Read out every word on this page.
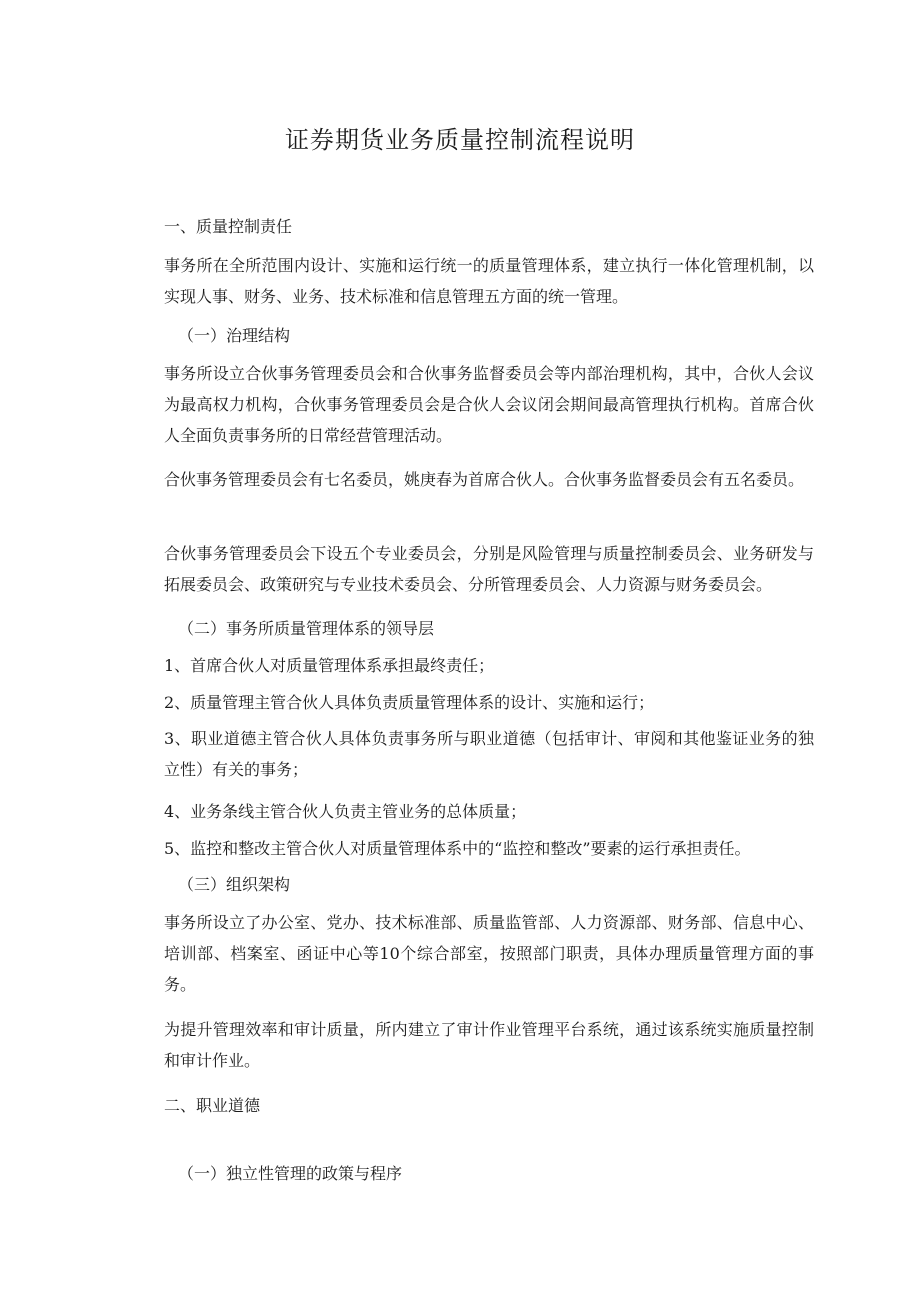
证券期货业务质量控制流程说明
一、质量控制责任
事务所在全所范围内设计、实施和运行统一的质量管理体系，建立执行一体化管理机制，以实现人事、财务、业务、技术标准和信息管理五方面的统一管理。
（一）治理结构
事务所设立合伙事务管理委员会和合伙事务监督委员会等内部治理机构，其中，合伙人会议为最高权力机构，合伙事务管理委员会是合伙人会议闭会期间最高管理执行机构。首席合伙人全面负责事务所的日常经营管理活动。
合伙事务管理委员会有七名委员，姚庚春为首席合伙人。合伙事务监督委员会有五名委员。
合伙事务管理委员会下设五个专业委员会，分别是风险管理与质量控制委员会、业务研发与拓展委员会、政策研究与专业技术委员会、分所管理委员会、人力资源与财务委员会。
（二）事务所质量管理体系的领导层
1、首席合伙人对质量管理体系承担最终责任；
2、质量管理主管合伙人具体负责质量管理体系的设计、实施和运行；
3、职业道德主管合伙人具体负责事务所与职业道德（包括审计、审阅和其他鉴证业务的独立性）有关的事务；
4、业务条线主管合伙人负责主管业务的总体质量；
5、监控和整改主管合伙人对质量管理体系中的“监控和整改”要素的运行承担责任。
（三）组织架构
事务所设立了办公室、党办、技术标准部、质量监管部、人力资源部、财务部、信息中心、培训部、档案室、函证中心等10个综合部室，按照部门职责，具体办理质量管理方面的事务。
为提升管理效率和审计质量，所内建立了审计作业管理平台系统，通过该系统实施质量控制和审计作业。
二、职业道德
（一）独立性管理的政策与程序
